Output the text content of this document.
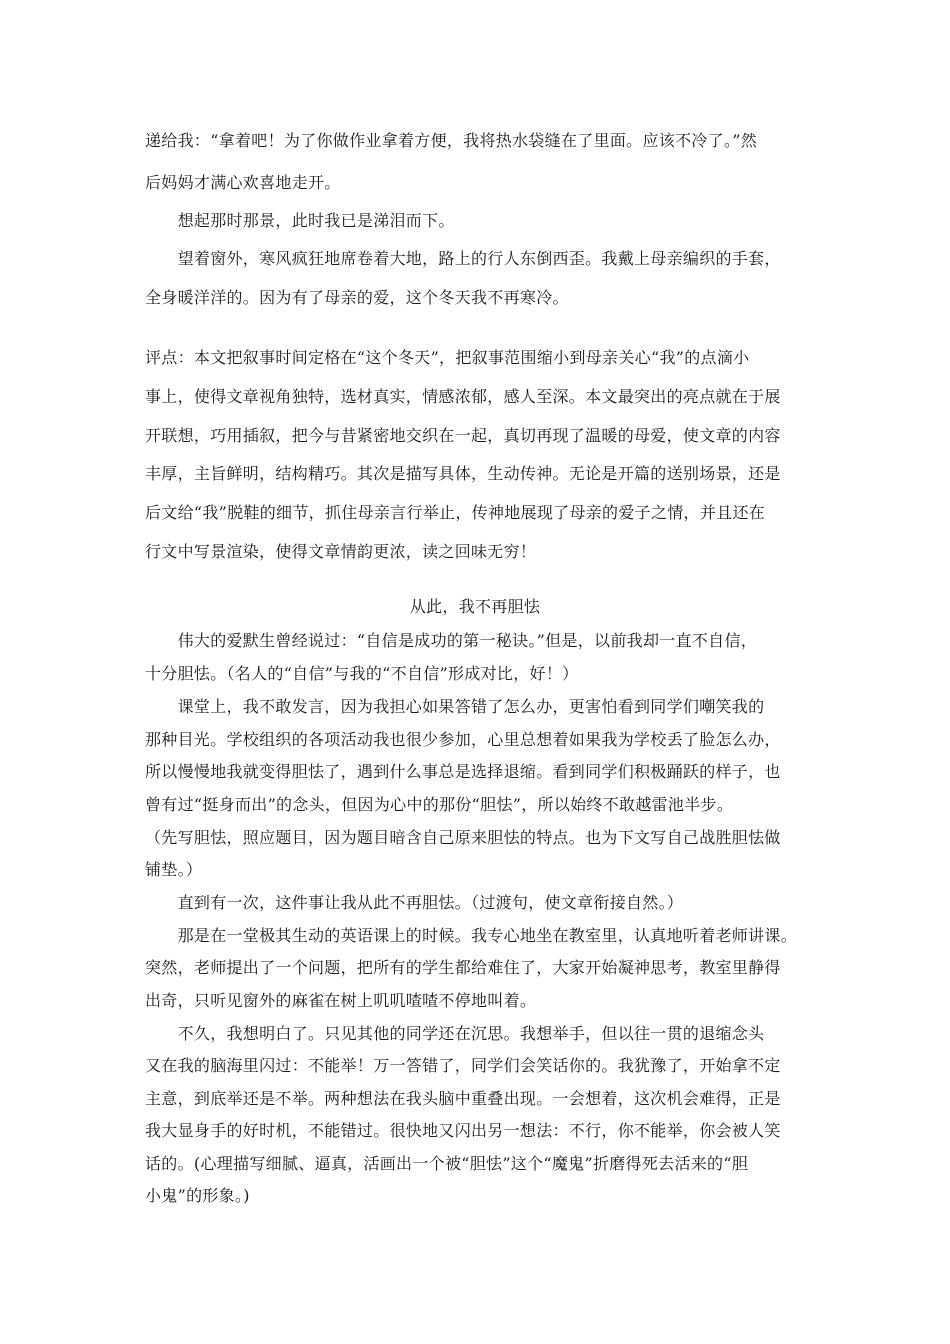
递给我：“拿着吧！为了你做作业拿着方便，我将热水袋缝在了里面。应该不冷了。”然
后妈妈才满心欢喜地走开。
　　想起那时那景，此时我已是涕泪而下。
　　望着窗外，寒风疯狂地席卷着大地，路上的行人东倒西歪。我戴上母亲编织的手套，
全身暖洋洋的。因为有了母亲的爱，这个冬天我不再寒冷。
评点：本文把叙事时间定格在“这个冬天”，把叙事范围缩小到母亲关心“我”的点滴小
事上，使得文章视角独特，选材真实，情感浓郁，感人至深。本文最突出的亮点就在于展
开联想，巧用插叙，把今与昔紧密地交织在一起，真切再现了温暖的母爱，使文章的内容
丰厚，主旨鲜明，结构精巧。其次是描写具体，生动传神。无论是开篇的送别场景，还是
后文给“我”脱鞋的细节，抓住母亲言行举止，传神地展现了母亲的爱子之情，并且还在
行文中写景渲染，使得文章情韵更浓，读之回味无穷！
从此，我不再胆怯
　　伟大的爱默生曾经说过：“自信是成功的第一秘诀。”但是，以前我却一直不自信，
十分胆怯。（名人的“自信”与我的“不自信”形成对比，好！）
　　课堂上，我不敢发言，因为我担心如果答错了怎么办，更害怕看到同学们嘲笑我的
那种目光。学校组织的各项活动我也很少参加，心里总想着如果我为学校丢了脸怎么办，
所以慢慢地我就变得胆怯了，遇到什么事总是选择退缩。看到同学们积极踊跃的样子，也
曾有过“挺身而出”的念头，但因为心中的那份“胆怯”，所以始终不敢越雷池半步。
（先写胆怯，照应题目，因为题目暗含自己原来胆怯的特点。也为下文写自己战胜胆怯做
铺垫。）
　　直到有一次，这件事让我从此不再胆怯。（过渡句，使文章衔接自然。）
　　那是在一堂极其生动的英语课上的时候。我专心地坐在教室里，认真地听着老师讲课。
突然，老师提出了一个问题，把所有的学生都给难住了，大家开始凝神思考，教室里静得
出奇，只听见窗外的麻雀在树上叽叽喳喳不停地叫着。
　　不久，我想明白了。只见其他的同学还在沉思。我想举手，但以往一贯的退缩念头
又在我的脑海里闪过：不能举！万一答错了，同学们会笑话你的。我犹豫了，开始拿不定
主意，到底举还是不举。两种想法在我头脑中重叠出现。一会想着，这次机会难得，正是
我大显身手的好时机，不能错过。很快地又闪出另一想法：不行，你不能举，你会被人笑
话的。(心理描写细腻、逼真，活画出一个被“胆怯”这个“魔鬼”折磨得死去活来的“胆
小鬼”的形象。)
